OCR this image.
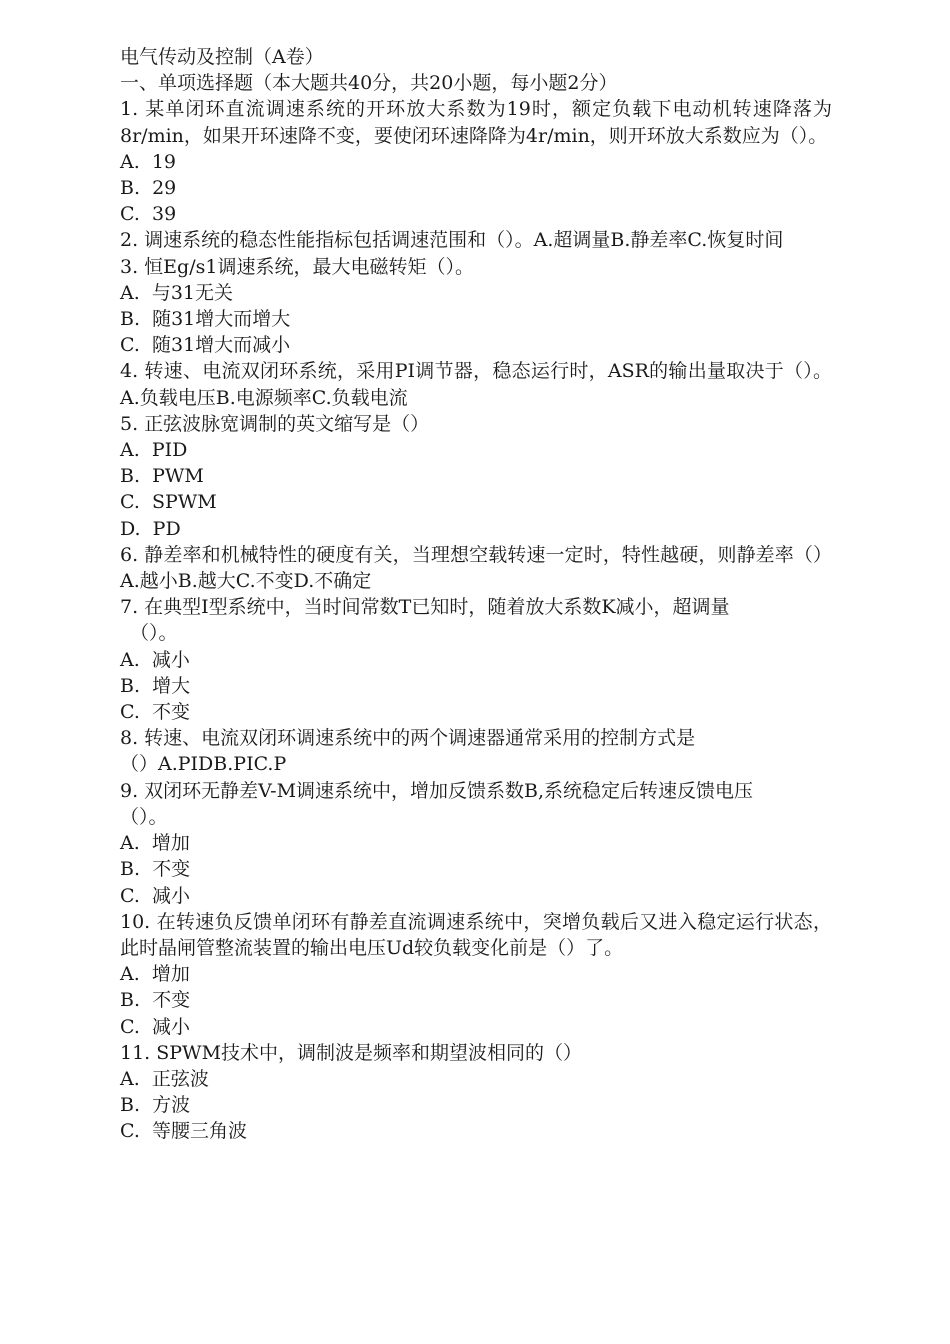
电气传动及控制（A卷）
一、单项选择题（本大题共40分，共20小题，每小题2分）
1. 某单闭环直流调速系统的开环放大系数为19时，额定负载下电动机转速降落为8r/min，如果开环速降不变，要使闭环速降降为4r/min，则开环放大系数应为（）。
A.  19
B.  29
C.  39
2. 调速系统的稳态性能指标包括调速范围和（）。A.超调量B.静差率C.恢复时间
3. 恒Eg/s1调速系统，最大电磁转矩（）。
A.  与31无关
B.  随31增大而增大
C.  随31增大而减小
4. 转速、电流双闭环系统，采用PI调节器，稳态运行时，ASR的输出量取决于（）。A.负载电压B.电源频率C.负载电流
5. 正弦波脉宽调制的英文缩写是（）
A.  PID
B.  PWM
C.  SPWM
D.  PD
6. 静差率和机械特性的硬度有关，当理想空载转速一定时，特性越硬，则静差率（）A.越小B.越大C.不变D.不确定
7. 在典型I型系统中，当时间常数T已知时，随着放大系数K减小，超调量
（）。
A.  减小
B.  增大
C.  不变
8. 转速、电流双闭环调速系统中的两个调速器通常采用的控制方式是
（）A.PIDB.PIC.P
9. 双闭环无静差V-M调速系统中，增加反馈系数B,系统稳定后转速反馈电压
（）。
A.  增加
B.  不变
C.  减小
10. 在转速负反馈单闭环有静差直流调速系统中，突增负载后又进入稳定运行状态，此时晶闸管整流装置的输出电压Ud较负载变化前是（）了。
A.  增加
B.  不变
C.  减小
11. SPWM技术中，调制波是频率和期望波相同的（）
A.  正弦波
B.  方波
C.  等腰三角波
